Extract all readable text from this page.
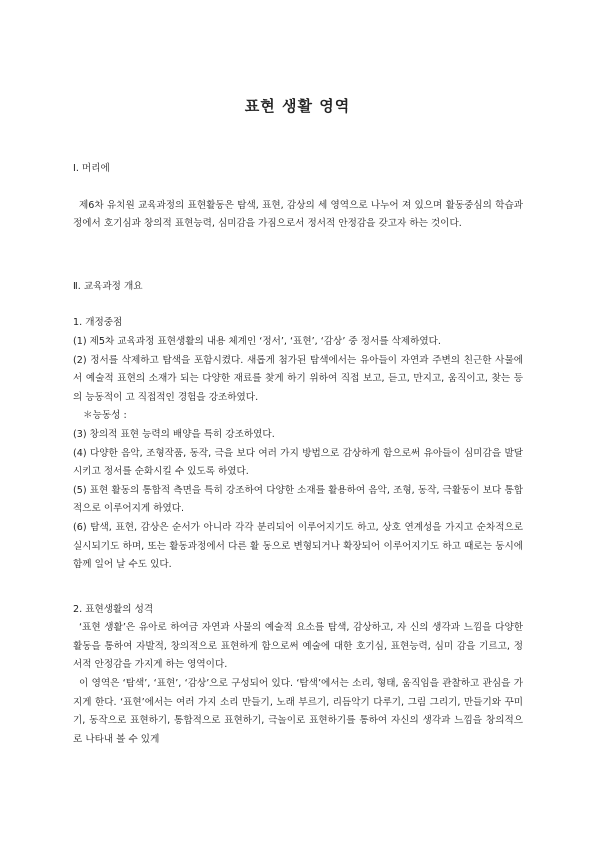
표현 생활 영역

Ⅰ. 머리에

제6차 유치원 교육과정의 표현활동은 탐색, 표현, 감상의 세 영역으로 나누어 져 있으며 활동중심의 학습과정에서 호기심과 창의적 표현능력, 심미감을 가짐으로서 정서적 안정감을 갖고자 하는 것이다.

Ⅱ. 교육과정 개요

1. 개정중점

(1) 제5차 교육과정 표현생활의 내용 체계인 ‘정서’, ‘표현’, ‘감상’ 중 정서를 삭제하였다.

(2) 정서를 삭제하고 탐색을 포함시켰다. 새롭게 첨가된 탐색에서는 유아들이 자연과 주변의 친근한 사물에서 예술적 표현의 소재가 되는 다양한 재료를 찾게 하기 위하여 직접 보고, 듣고, 만지고, 움직이고, 찾는 등의 능동적이 고 직접적인 경험을 강조하였다.

＊능동성 :

(3) 창의적 표현 능력의 배양을 특히 강조하였다.

(4) 다양한 음악, 조형작품, 동작, 극을 보다 여러 가지 방법으로 감상하게 함으로써 유아들이 심미감을 발달시키고 정서를 순화시킬 수 있도록 하였다.

(5) 표현 활동의 통합적 측면을 특히 강조하여 다양한 소재를 활용하여 음악, 조형, 동작, 극활동이 보다 통합적으로 이루어지게 하였다.

(6) 탐색, 표현, 감상은 순서가 아니라 각각 분리되어 이루어지기도 하고, 상호 연계성을 가지고 순차적으로 실시되기도 하며, 또는 활동과정에서 다른 활 동으로 변형되거나 확장되어 이루어지기도 하고 때로는 동시에 함께 일어 날 수도 있다.

2. 표현생활의 성격

‘표현 생활’은 유아로 하여금 자연과 사물의 예술적 요소를 탐색, 감상하고, 자 신의 생각과 느낌을 다양한 활동을 통하여 자발적, 창의적으로 표현하게 함으로써 예술에 대한 호기심, 표현능력, 심미 감을 기르고, 정서적 안정감을 가지게 하는 영역이다.

이 영역은 ‘탐색’, ‘표현’, ‘감상’으로 구성되어 있다. ‘탐색’에서는 소리, 형태, 움직임을 관찰하고 관심을 가지게 한다. ‘표현’에서는 여러 가지 소리 만들기, 노래 부르기, 리듬악기 다루기, 그림 그리기, 만들기와 꾸미기, 동작으로 표현하기, 통합적으로 표현하기, 극놀이로 표현하기를 통하여 자신의 생각과 느낌을 창의적으로 나타내 볼 수 있게
